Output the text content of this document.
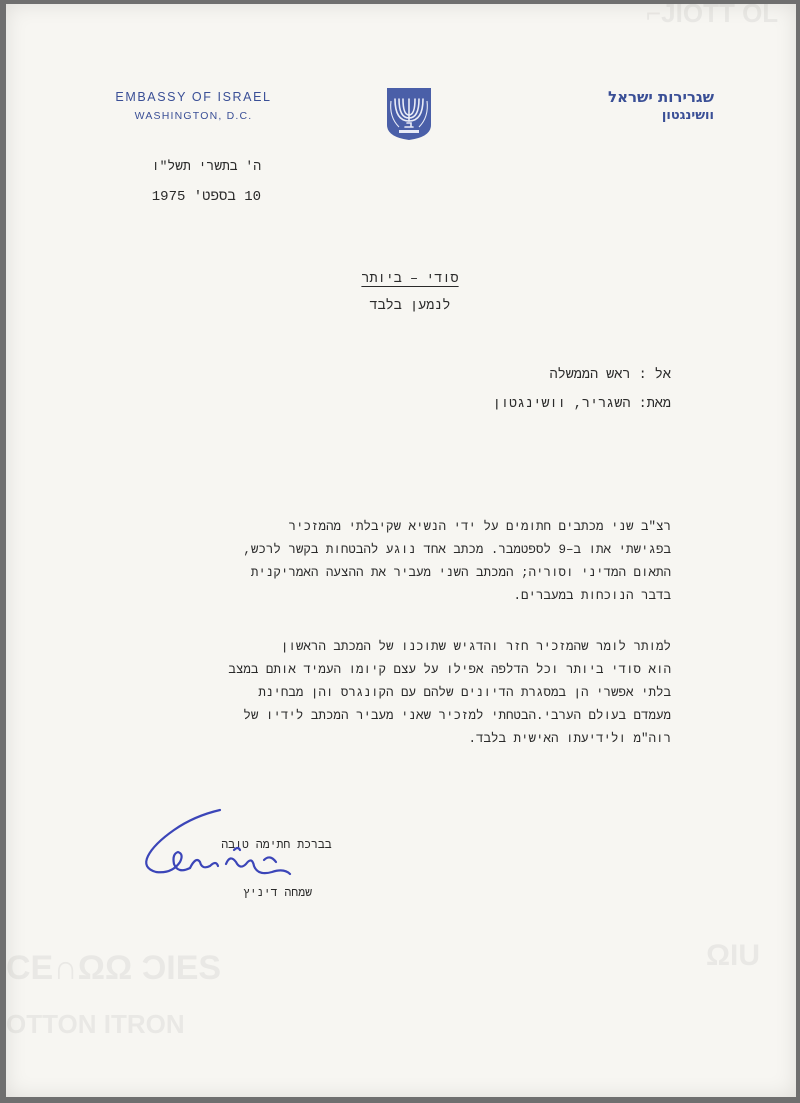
⌐JIOTT OL
CE∩ΩΩ ƆIES
OTTON ITRON
ΩIU
EMBASSY OF ISRAEL
WASHINGTON, D.C.
שגרירות ישראל
וושינגטון
ה' בתשרי תשל"ו
10 בספט' 1975
סודי – ביותר
לנמען בלבד
אל : ראש הממשלה
מאת: השגריר, וושינגטון
רצ"ב שני מכתבים חתומים על ידי הנשיא שקיבלתי מהמזכיר
בפגישתי אתו ב–9 לספטמבר. מכתב אחד נוגע להבטחות בקשר לרכש,
התאום המדיני וסוריה; המכתב השני מעביר את ההצעה האמריקנית
בדבר הנוכחות במעברים.
למותר לומר שהמזכיר חזר והדגיש שתוכנו של המכתב הראשון
הוא סודי ביותר וכל הדלפה אפילו על עצם קיומו העמיד אותם במצב
בלתי אפשרי הן במסגרת הדיונים שלהם עם הקונגרס והן מבחינת
מעמדם בעולם הערבי.הבטחתי למזכיר שאני מעביר המכתב לידיו של
רוה"מ ולידיעתו האישית בלבד.
בברכת חתימה טובה
שמחה דיניץ
